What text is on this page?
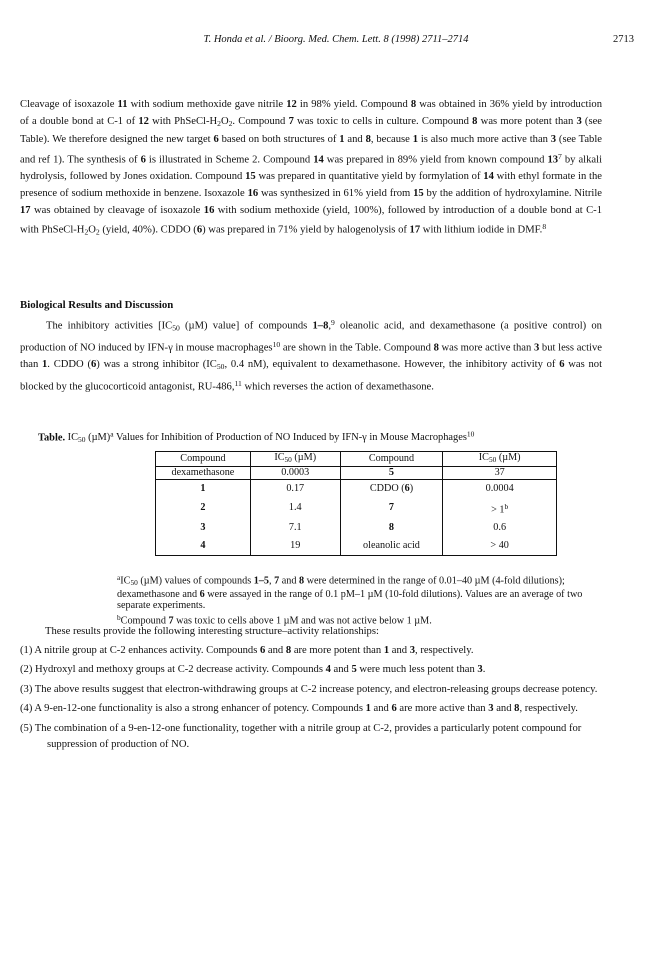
T. Honda et al. / Bioorg. Med. Chem. Lett. 8 (1998) 2711–2714	2713
Cleavage of isoxazole 11 with sodium methoxide gave nitrile 12 in 98% yield. Compound 8 was obtained in 36% yield by introduction of a double bond at C-1 of 12 with PhSeCl-$H_2O_2$. Compound 7 was toxic to cells in culture. Compound 8 was more potent than 3 (see Table). We therefore designed the new target 6 based on both structures of 1 and 8, because 1 is also much more active than 3 (see Table and ref 1). The synthesis of 6 is illustrated in Scheme 2. Compound 14 was prepared in 89% yield from known compound $13^7$ by alkali hydrolysis, followed by Jones oxidation. Compound 15 was prepared in quantitative yield by formylation of 14 with ethyl formate in the presence of sodium methoxide in benzene. Isoxazole 16 was synthesized in 61% yield from 15 by the addition of hydroxylamine. Nitrile 17 was obtained by cleavage of isoxazole 16 with sodium methoxide (yield, 100%), followed by introduction of a double bond at C-1 with PhSeCl-$H_2O_2$ (yield, 40%). CDDO (6) was prepared in 71% yield by halogenolysis of 17 with lithium iodide in DMF.$^8$
Biological Results and Discussion
The inhibitory activities [$IC_{50}$ (µM) value] of compounds 1–8,$^9$ oleanolic acid, and dexamethasone (a positive control) on production of NO induced by IFN-γ in mouse macrophages$^{10}$ are shown in the Table. Compound 8 was more active than 3 but less active than 1. CDDO (6) was a strong inhibitor ($IC_{50}$, 0.4 nM), equivalent to dexamethasone. However, the inhibitory activity of 6 was not blocked by the glucocorticoid antagonist, RU-486,11 which reverses the action of dexamethasone.
Table. $IC_{50}$ $(\mu M)^a$ Values for Inhibition of Production of NO Induced by IFN-γ in Mouse Macrophages$^{10}$
Compound	$IC_{50}$ (µM)	Compound	$IC_{50}$ (µM)
dexamethasone	0.0003	5	37
1	0.17	CDDO (6)	0.0004
2	1.4	7	> $1^b$
3	7.1	8	0.6
4	19	oleanolic acid	> 40
$^aIC_{50}$ (µM) values of compounds 1–5, 7 and 8 were determined in the range of 0.01–40 µM (4-fold dilutions); dexamethasone and 6 were assayed in the range of 0.1 pM–1 µM (10-fold dilutions). Values are an average of two separate experiments.
$^b$Compound 7 was toxic to cells above 1 µM and was not active below 1 µM.
These results provide the following interesting structure–activity relationships:
(1) A nitrile group at C-2 enhances activity. Compounds 6 and 8 are more potent than 1 and 3, respectively.
(2) Hydroxyl and methoxy groups at C-2 decrease activity. Compounds 4 and 5 were much less potent than 3.
(3) The above results suggest that electron-withdrawing groups at C-2 increase potency, and electron-releasing groups decrease potency.
(4) A 9-en-12-one functionality is also a strong enhancer of potency. Compounds 1 and 6 are more active than 3 and 8, respectively.
(5) The combination of a 9-en-12-one functionality, together with a nitrile group at C-2, provides a particularly potent compound for suppression of production of NO.
